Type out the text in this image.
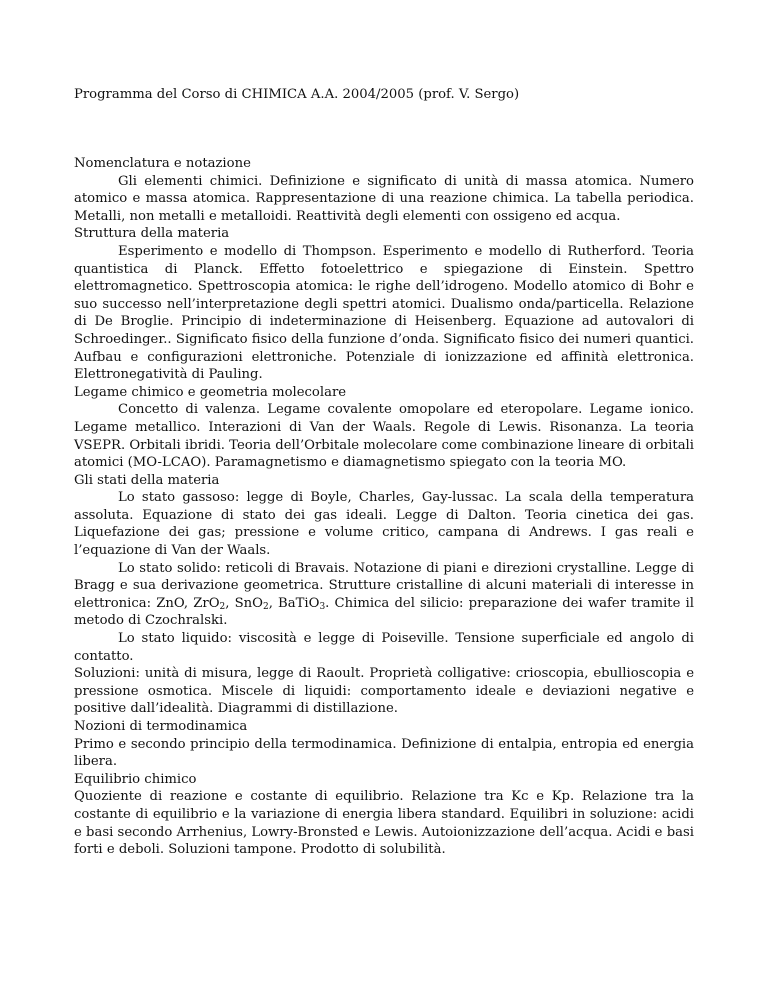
Programma del Corso di CHIMICA A.A. 2004/2005 (prof. V. Sergo)

Nomenclatura e notazione

Gli elementi chimici. Definizione e significato di unità di massa atomica. Numero atomico e massa atomica. Rappresentazione di una reazione chimica. La tabella periodica. Metalli, non metalli e metalloidi. Reattività degli elementi con ossigeno ed acqua.

Struttura della materia

Esperimento e modello di Thompson. Esperimento e modello di Rutherford. Teoria quantistica di Planck. Effetto fotoelettrico e spiegazione di Einstein. Spettro elettromagnetico. Spettroscopia atomica: le righe dell’idrogeno. Modello atomico di Bohr e suo successo nell’interpretazione degli spettri atomici. Dualismo onda/particella. Relazione di De Broglie. Principio di indeterminazione di Heisenberg. Equazione ad autovalori di Schroedinger.. Significato fisico della funzione d’onda. Significato fisico dei numeri quantici. Aufbau e configurazioni elettroniche. Potenziale di ionizzazione ed affinità elettronica. Elettronegatività di Pauling.

Legame chimico e geometria molecolare

Concetto di valenza. Legame covalente omopolare ed eteropolare. Legame ionico. Legame metallico. Interazioni di Van der Waals. Regole di Lewis. Risonanza. La teoria VSEPR. Orbitali ibridi. Teoria dell’Orbitale molecolare come combinazione lineare di orbitali atomici (MO-LCAO). Paramagnetismo e diamagnetismo spiegato con la teoria MO.

Gli stati della materia

Lo stato gassoso: legge di Boyle, Charles, Gay-lussac. La scala della temperatura assoluta. Equazione di stato dei gas ideali. Legge di Dalton. Teoria cinetica dei gas. Liquefazione dei gas; pressione e volume critico, campana di Andrews. I gas reali e l’equazione di Van der Waals.

Lo stato solido: reticoli di Bravais. Notazione di piani e direzioni crystalline. Legge di Bragg e sua derivazione geometrica. Strutture cristalline di alcuni materiali di interesse in elettronica: ZnO, ZrO$_2$, SnO$_2$, BaTiO$_3$. Chimica del silicio: preparazione dei wafer tramite il metodo di Czochralski.

Lo stato liquido: viscosità e legge di Poiseville. Tensione superficiale ed angolo di contatto.

Soluzioni: unità di misura, legge di Raoult. Proprietà colligative: crioscopia, ebullioscopia e pressione osmotica. Miscele di liquidi: comportamento ideale e deviazioni negative e positive dall’idealità. Diagrammi di distillazione.

Nozioni di termodinamica

Primo e secondo principio della termodinamica. Definizione di entalpia, entropia ed energia libera.

Equilibrio chimico

Quoziente di reazione e costante di equilibrio. Relazione tra Kc e Kp. Relazione tra la costante di equilibrio e la variazione di energia libera standard. Equilibri in soluzione: acidi e basi secondo Arrhenius, Lowry-Bronsted e Lewis. Autoionizzazione dell’acqua. Acidi e basi forti e deboli. Soluzioni tampone. Prodotto di solubilità.
